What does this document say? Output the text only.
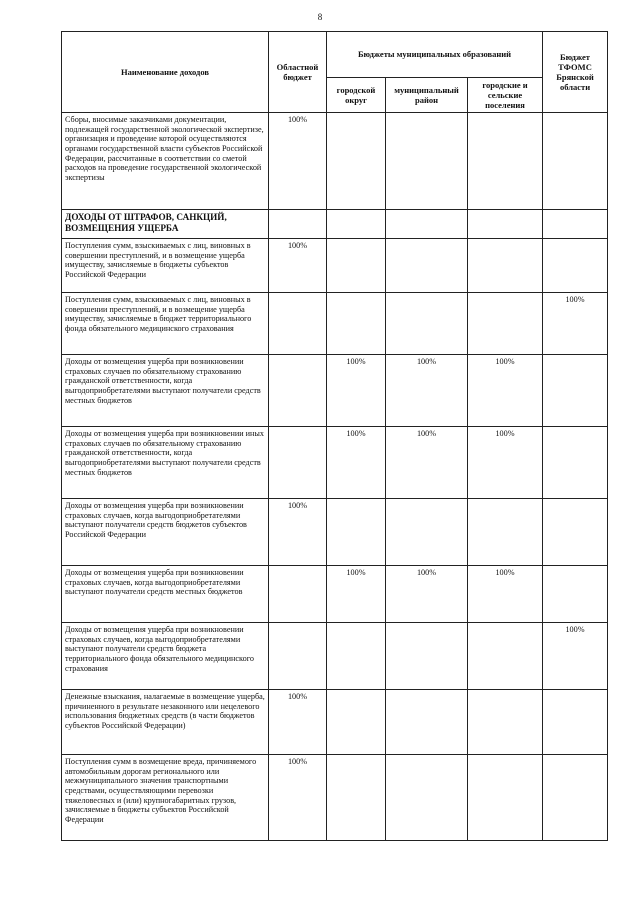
8
Наименование доходов	Областной бюджет	Бюджеты муниципальных образований			Бюджет ТФОМС Брянской области
		городской округ	муниципальный район	городские и сельские поселения	
Сборы, вносимые заказчиками документации, подлежащей государственной экологической экспертизе, организация и проведение которой осуществляются органами государственной власти субъектов Российской Федерации, рассчитанные в соответствии со сметой расходов на проведение государственной экологической экспертизы	100%				
ДОХОДЫ ОТ ШТРАФОВ, САНКЦИЙ, ВОЗМЕЩЕНИЯ УЩЕРБА					
Поступления сумм, взыскиваемых с лиц, виновных в совершении преступлений, и в возмещение ущерба имуществу, зачисляемые в бюджеты субъектов Российской Федерации	100%				
Поступления сумм, взыскиваемых с лиц, виновных в совершении преступлений, и в возмещение ущерба имуществу, зачисляемые в бюджет территориального фонда обязательного медицинского страхования					100%
Доходы от возмещения ущерба при возникновении страховых случаев по обязательному страхованию гражданской ответственности, когда выгодоприобретателями выступают получатели средств местных бюджетов		100%	100%	100%	
Доходы от возмещения ущерба при возникновении иных страховых случаев по обязательному страхованию гражданской ответственности, когда выгодоприобретателями выступают получатели средств местных бюджетов		100%	100%	100%	
Доходы от возмещения ущерба при возникновении страховых случаев, когда выгодоприобретателями выступают получатели средств бюджетов субъектов Российской Федерации	100%				
Доходы от возмещения ущерба при возникновении страховых случаев, когда выгодоприобретателями выступают получатели средств местных бюджетов		100%	100%	100%	
Доходы от возмещения ущерба при возникновении страховых случаев, когда выгодоприобретателями выступают получатели средств бюджета территориального фонда обязательного медицинского страхования					100%
Денежные взыскания, налагаемые в возмещение ущерба, причиненного в результате незаконного или нецелевого использования бюджетных средств (в части бюджетов субъектов Российской Федерации)	100%				
Поступления сумм в возмещение вреда, причиняемого автомобильным дорогам регионального или межмуниципального значения транспортными средствами, осуществляющими перевозки тяжеловесных и (или) крупногабаритных грузов, зачисляемые в бюджеты субъектов Российской Федерации	100%				
